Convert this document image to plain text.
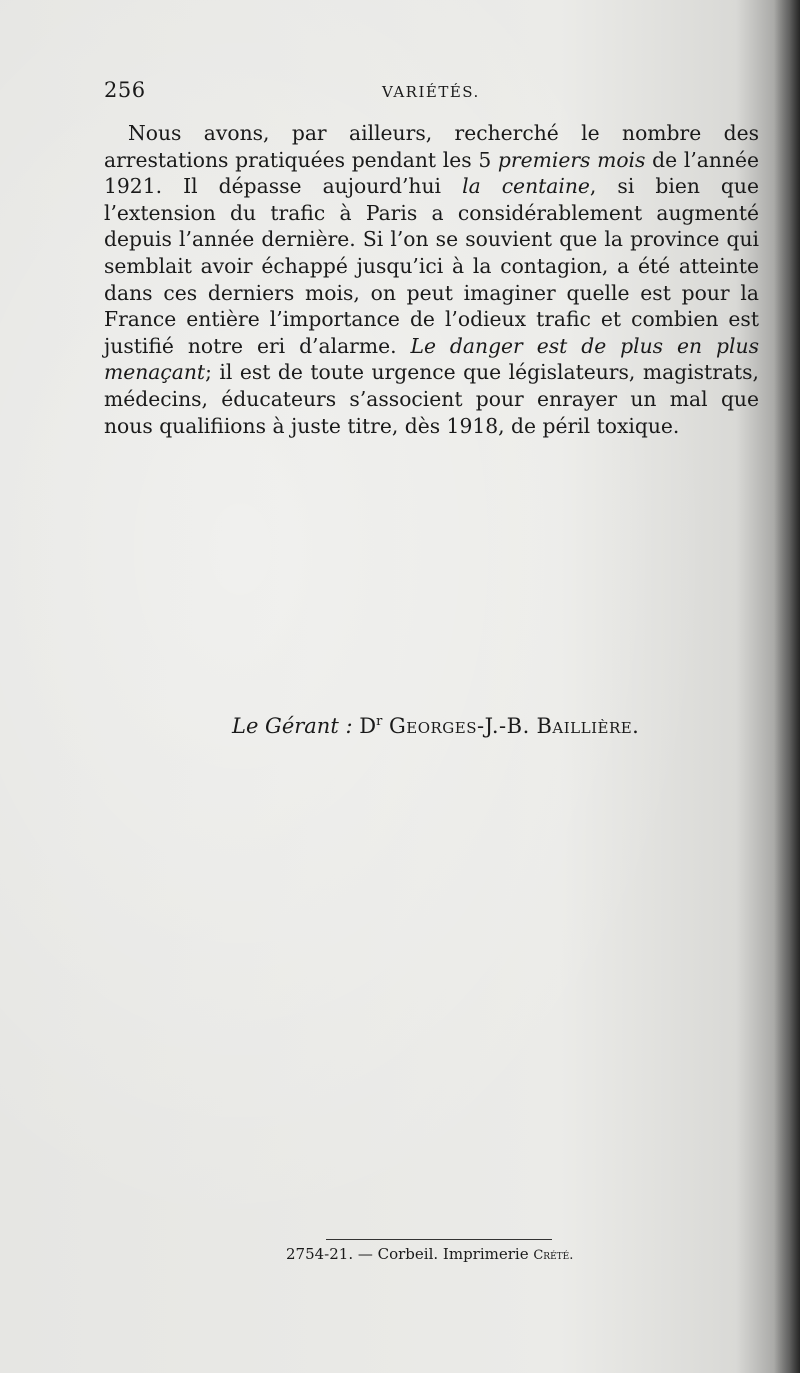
256	VARIÉTÉS.

Nous avons, par ailleurs, recherché le nombre des arrestations pratiquées pendant les 5 premiers mois de l’année 1921. Il dépasse aujourd’hui la centaine, si bien que l’extension du trafic à Paris a considérablement augmenté depuis l’année dernière. Si l’on se souvient que la province qui semblait avoir échappé jusqu’ici à la contagion, a été atteinte dans ces derniers mois, on peut imaginer quelle est pour la France entière l’importance de l’odieux trafic et combien est justifié notre eri d’alarme. Le danger est de plus en plus menaçant; il est de toute urgence que législateurs, magistrats, médecins, éducateurs s’associent pour enrayer un mal que nous qualifiions à juste titre, dès 1918, de péril toxique.

Le Gérant : $D^r$ Georges-J.-B. Baillière.
2754-21. — Corbeil. Imprimerie Crété.
